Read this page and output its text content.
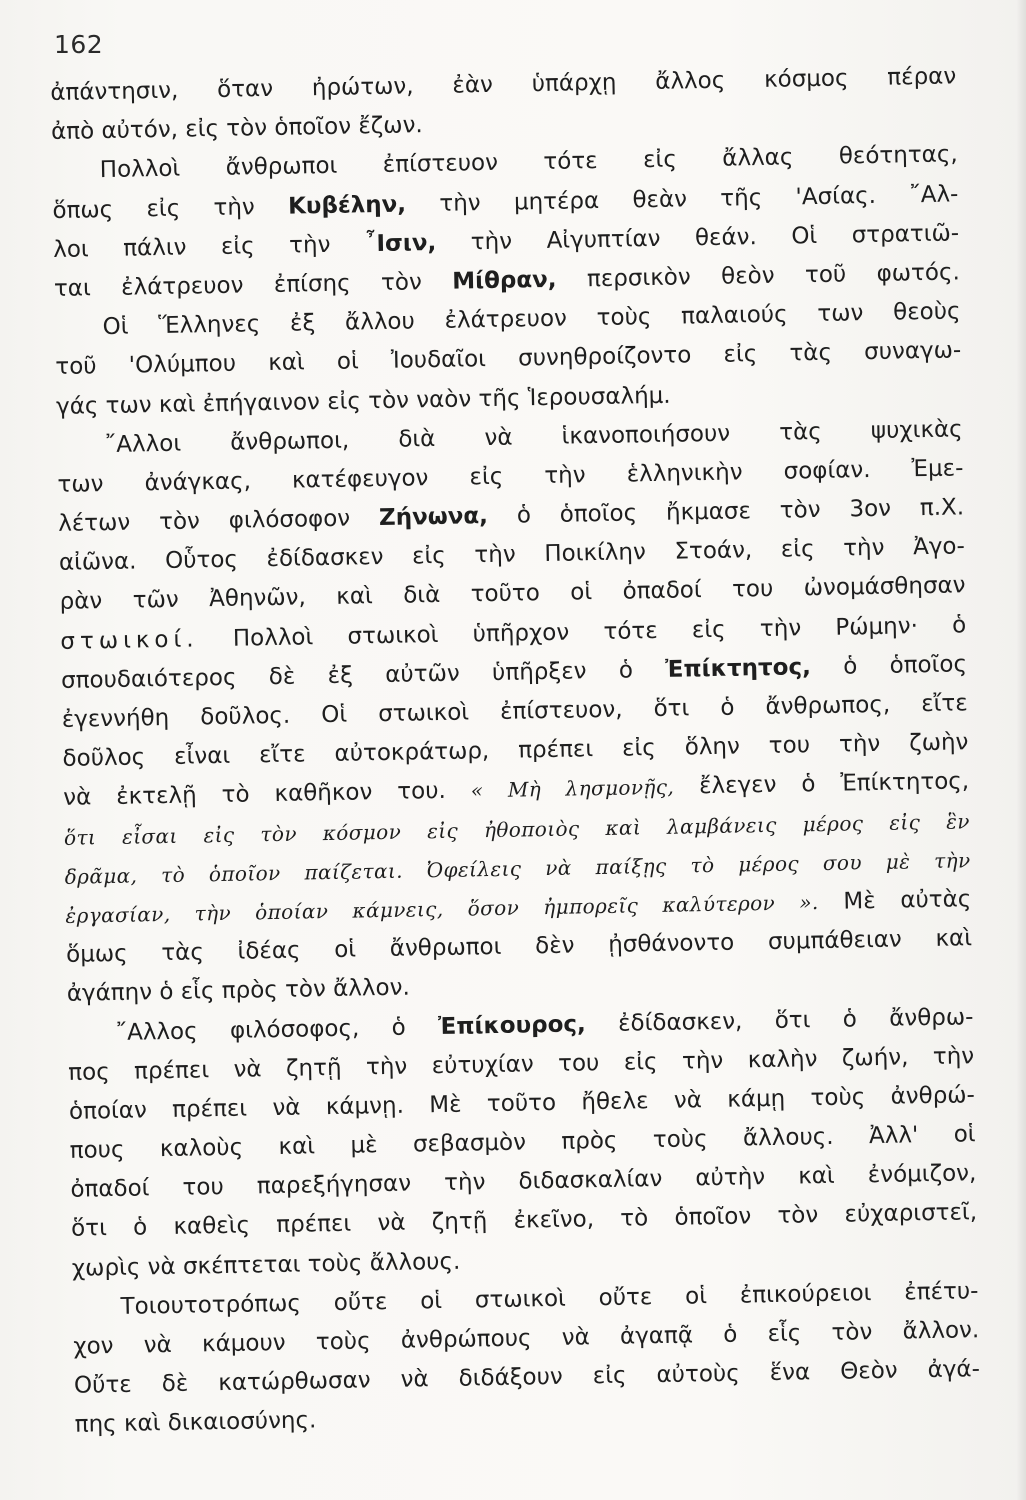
162
ἀπάντησιν, ὅταν ἠρώτων, ἐὰν ὑπάρχῃ ἄλλος κόσμος πέραν
ἀπὸ αὐτόν, εἰς τὸν ὁποῖον ἔζων.
Πολλοὶ ἄνθρωποι ἐπίστευον τότε εἰς ἄλλας θεότητας,
ὅπως εἰς τὴν Κυβέλην, τὴν μητέρα θεὰν τῆς 'Ασίας. ῎Αλ-
λοι πάλιν εἰς τὴν ῏Ισιν, τὴν Αἰγυπτίαν θεάν. Οἱ στρατιῶ-
ται ἐλάτρευον ἐπίσης τὸν Μίθραν, περσικὸν θεὸν τοῦ φωτός.
Οἱ Ἕλληνες ἐξ ἄλλου ἐλάτρευον τοὺς παλαιούς των θεοὺς
τοῦ 'Ολύμπου καὶ οἱ Ἰουδαῖοι συνηθροίζοντο εἰς τὰς συναγω-
γάς των καὶ ἐπήγαινον εἰς τὸν ναὸν τῆς Ἱερουσαλήμ.
῎Αλλοι ἄνθρωποι, διὰ νὰ ἱκανοποιήσουν τὰς ψυχικὰς
των ἀνάγκας, κατέφευγον εἰς τὴν ἑλληνικὴν σοφίαν. Ἐμε-
λέτων τὸν φιλόσοφον Ζήνωνα, ὁ ὁποῖος ἤκμασε τὸν 3ον π.Χ.
αἰῶνα. Οὗτος ἐδίδασκεν εἰς τὴν Ποικίλην Στοάν, εἰς τὴν Ἀγο-
ρὰν τῶν Ἀθηνῶν, καὶ διὰ τοῦτο οἱ ὀπαδοί του ὠνομάσθησαν
στωικοί. Πολλοὶ στωικοὶ ὑπῆρχον τότε εἰς τὴν Ρώμην· ὁ
σπουδαιότερος δὲ ἐξ αὐτῶν ὑπῆρξεν ὁ Ἐπίκτητος, ὁ ὁποῖος
ἐγεννήθη δοῦλος. Οἱ στωικοὶ ἐπίστευον, ὅτι ὁ ἄνθρωπος, εἴτε
δοῦλος εἶναι εἴτε αὐτοκράτωρ, πρέπει εἰς ὅλην του τὴν ζωὴν
νὰ ἐκτελῇ τὸ καθῆκον του. « Μὴ λησμονῇς, ἔλεγεν ὁ Ἐπίκτητος,
ὅτι εἶσαι εἰς τὸν κόσμον εἰς ἠθοποιὸς καὶ λαμβάνεις μέρος εἰς ἓν
δρᾶμα, τὸ ὁποῖον παίζεται. Ὀφείλεις νὰ παίξῃς τὸ μέρος σου μὲ τὴν
ἐργασίαν, τὴν ὁποίαν κάμνεις, ὅσον ἠμπορεῖς καλύτερον ». Μὲ αὐτὰς
ὅμως τὰς ἰδέας οἱ ἄνθρωποι δὲν ᾐσθάνοντο συμπάθειαν καὶ
ἀγάπην ὁ εἷς πρὸς τὸν ἄλλον.
῎Αλλος φιλόσοφος, ὁ Ἐπίκουρος, ἐδίδασκεν, ὅτι ὁ ἄνθρω-
πος πρέπει νὰ ζητῇ τὴν εὐτυχίαν του εἰς τὴν καλὴν ζωήν, τὴν
ὁποίαν πρέπει νὰ κάμνῃ. Μὲ τοῦτο ἤθελε νὰ κάμῃ τοὺς ἀνθρώ-
πους καλοὺς καὶ μὲ σεβασμὸν πρὸς τοὺς ἄλλους. Ἀλλ' οἱ
ὀπαδοί του παρεξήγησαν τὴν διδασκαλίαν αὐτὴν καὶ ἐνόμιζον,
ὅτι ὁ καθεὶς πρέπει νὰ ζητῇ ἐκεῖνο, τὸ ὁποῖον τὸν εὐχαριστεῖ,
χωρὶς νὰ σκέπτεται τοὺς ἄλλους.
Τοιουτοτρόπως οὔτε οἱ στωικοὶ οὔτε οἱ ἐπικούρειοι ἐπέτυ-
χον νὰ κάμουν τοὺς ἀνθρώπους νὰ ἀγαπᾷ ὁ εἷς τὸν ἄλλον.
Οὔτε δὲ κατώρθωσαν νὰ διδάξουν εἰς αὐτοὺς ἕνα Θεὸν ἀγά-
πης καὶ δικαιοσύνης.
